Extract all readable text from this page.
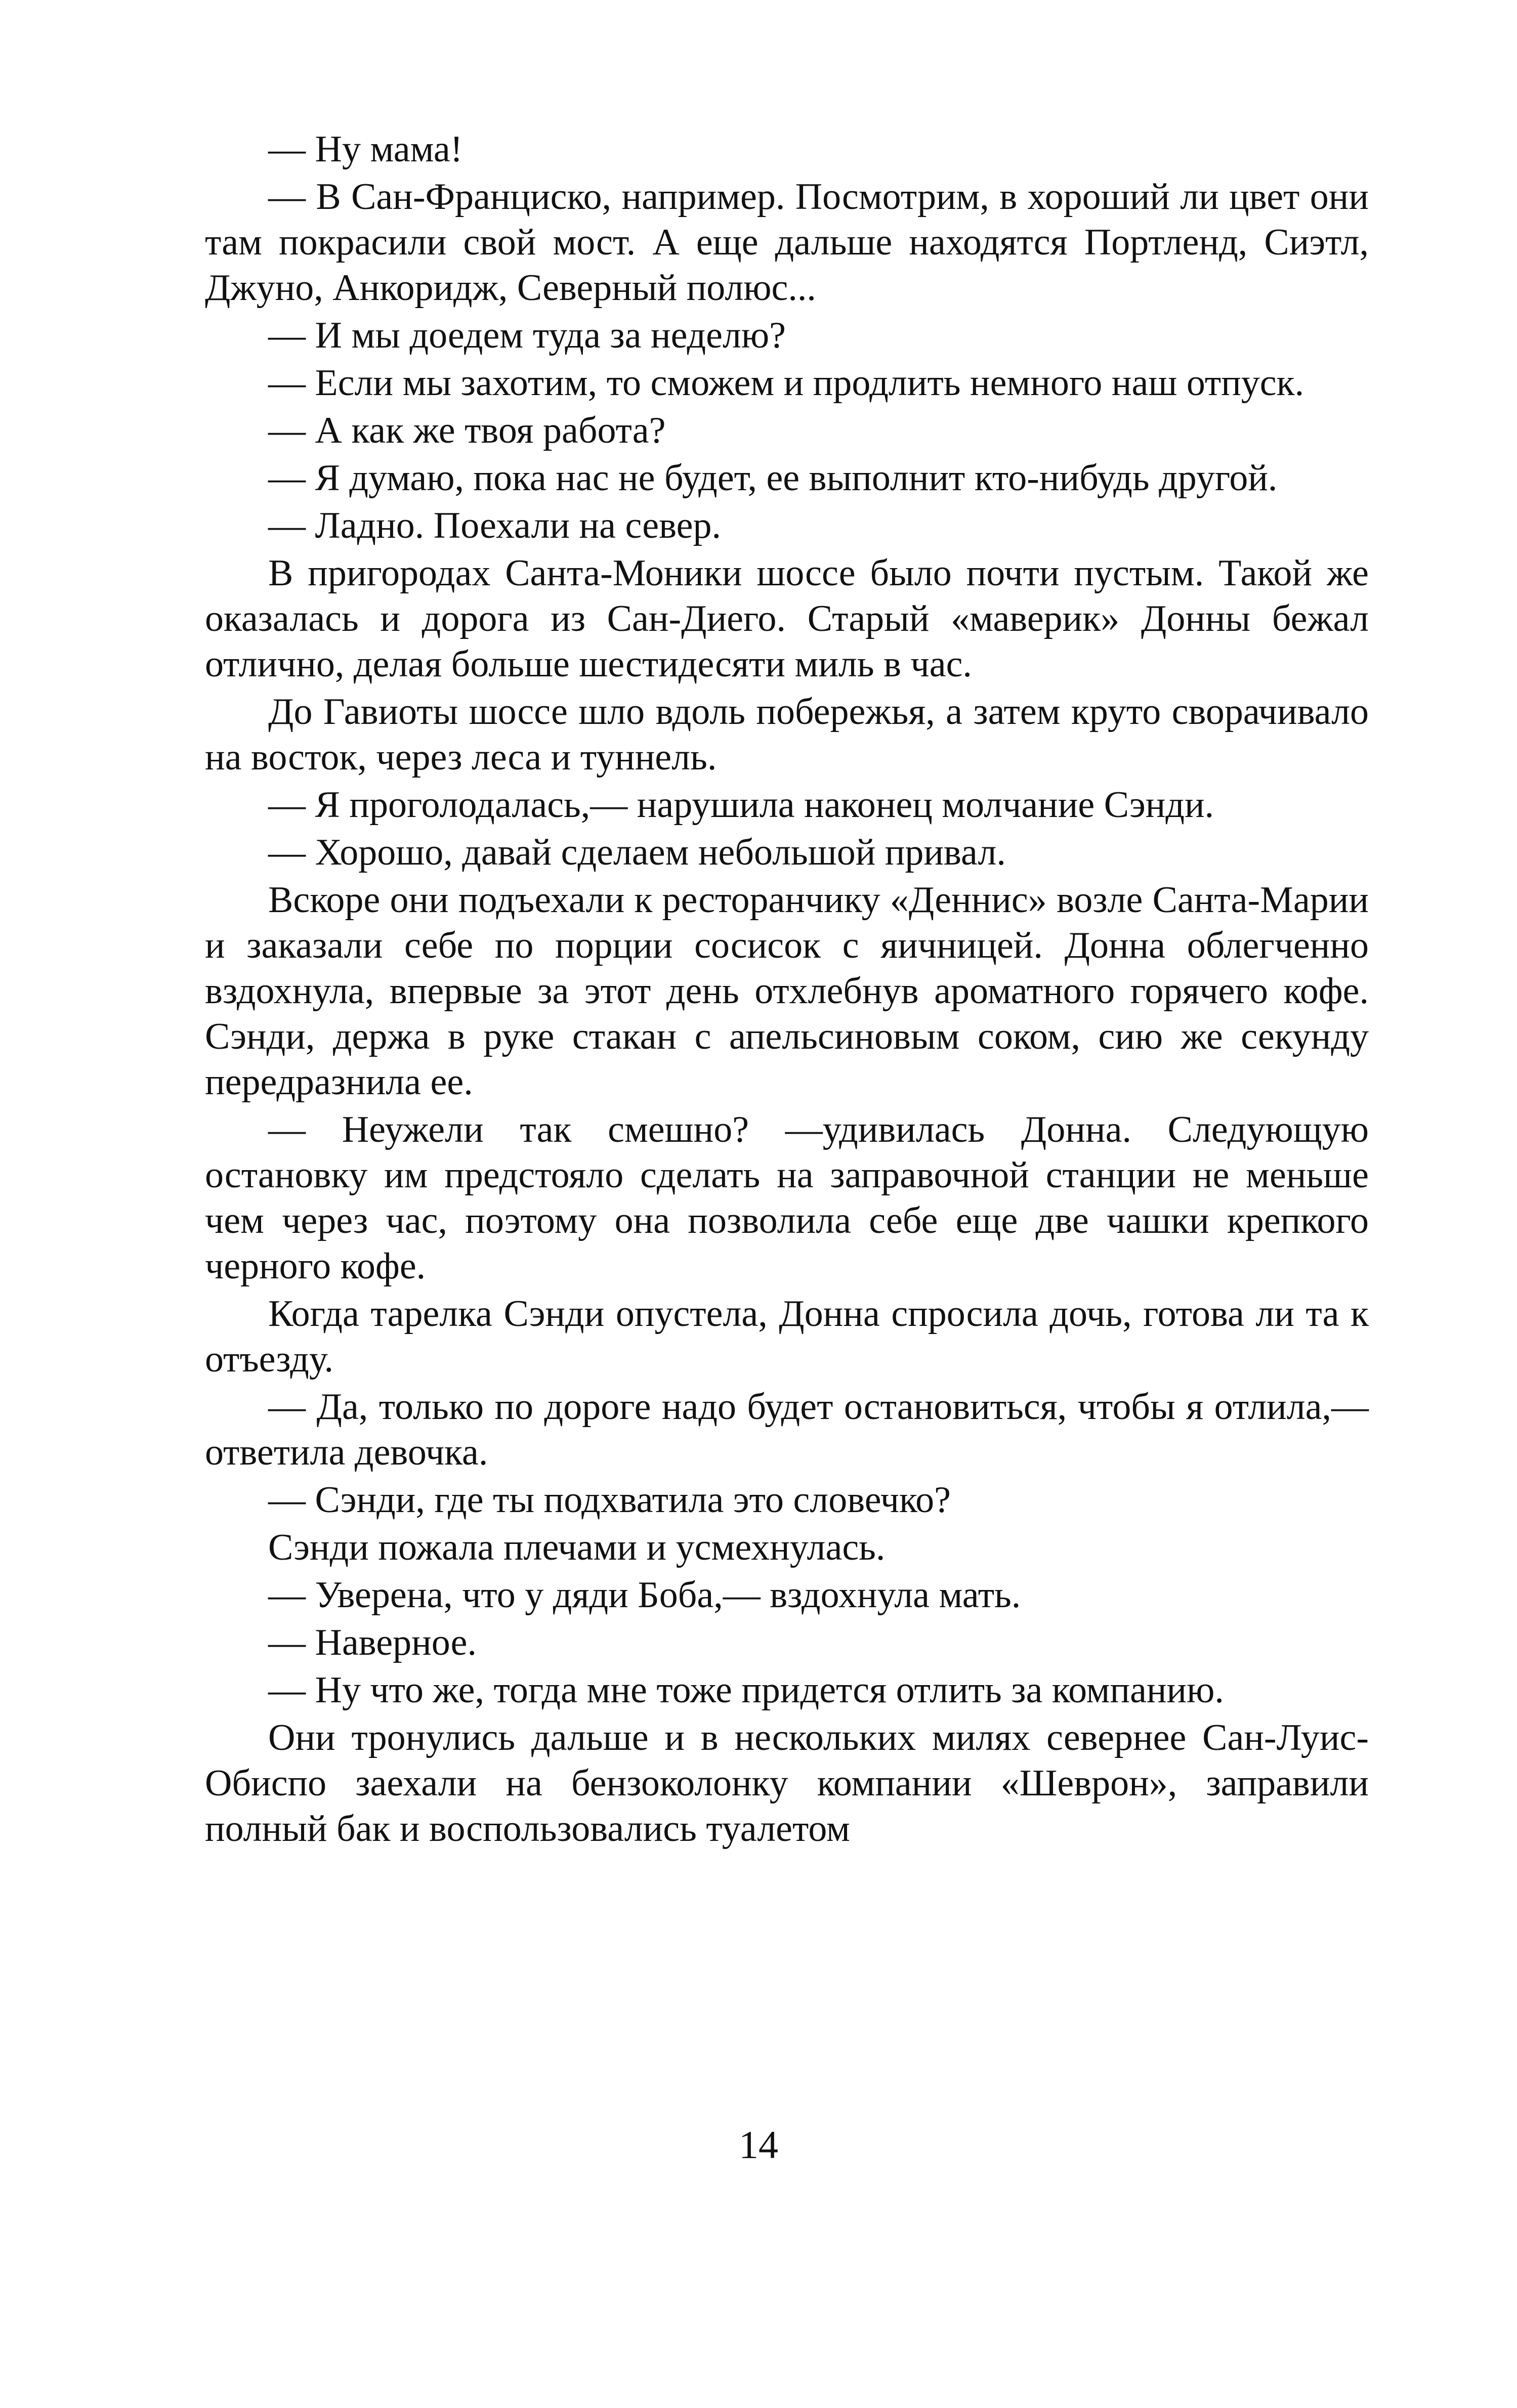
— Ну мама!

— В Сан-Франциско, например. Посмотрим, в хороший ли цвет они там покрасили свой мост. А еще дальше находятся Портленд, Сиэтл, Джуно, Анкоридж, Северный полюс...

— И мы доедем туда за неделю?

— Если мы захотим, то сможем и продлить немного наш отпуск.

— А как же твоя работа?

— Я думаю, пока нас не будет, ее выполнит кто-нибудь другой.

— Ладно. Поехали на север.

В пригородах Санта-Моники шоссе было почти пустым. Такой же оказалась и дорога из Сан-Диего. Старый «маверик» Донны бежал отлично, делая больше шестидесяти миль в час.

До Гавиоты шоссе шло вдоль побережья, а затем круто сворачивало на восток, через леса и туннель.

— Я проголодалась,— нарушила наконец молчание Сэнди.

— Хорошо, давай сделаем небольшой привал.

Вскоре они подъехали к ресторанчику «Деннис» возле Санта-Марии и заказали себе по порции сосисок с яичницей. Донна облегченно вздохнула, впервые за этот день отхлебнув ароматного горячего кофе. Сэнди, держа в руке стакан с апельсиновым соком, сию же секунду передразнила ее.

— Неужели так смешно? —удивилась Донна. Следующую остановку им предстояло сделать на заправочной станции не меньше чем через час, поэтому она позволила себе еще две чашки крепкого черного кофе.

Когда тарелка Сэнди опустела, Донна спросила дочь, готова ли та к отъезду.

— Да, только по дороге надо будет остановиться, чтобы я отлила,— ответила девочка.

— Сэнди, где ты подхватила это словечко?

Сэнди пожала плечами и усмехнулась.

— Уверена, что у дяди Боба,— вздохнула мать.

— Наверное.

— Ну что же, тогда мне тоже придется отлить за компанию.

Они тронулись дальше и в нескольких милях севернее Сан-Луис-Обиспо заехали на бензоколонку компании «Шеврон», заправили полный бак и воспользовались туалетом

14
